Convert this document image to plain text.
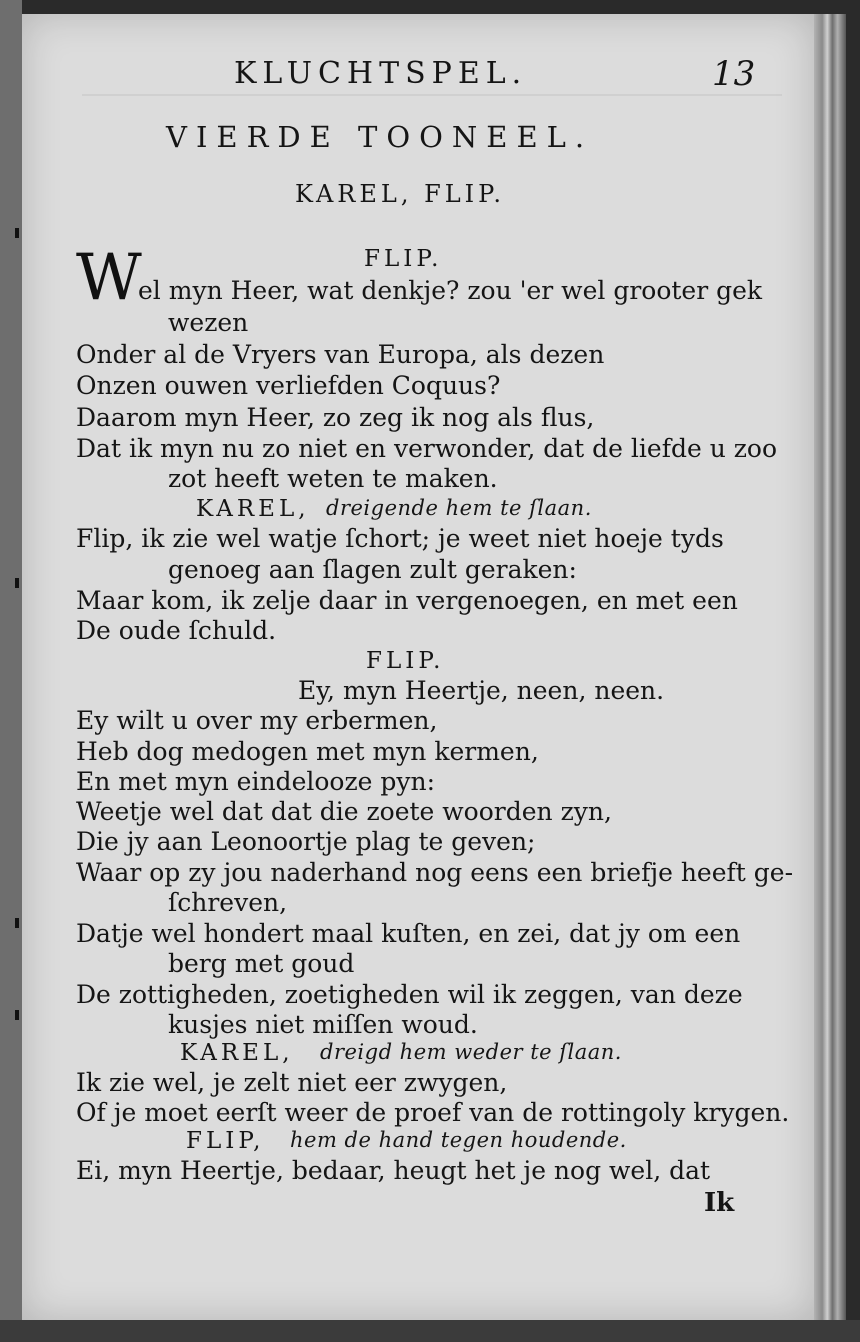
KLUCHTSPEL.	13
VIERDE TOONEEL.
KAREL, FLIP.
FLIP.
W
el myn Heer, wat denkje? zou 'er wel grooter gek
wezen
Onder al de Vryers van Europa, als dezen
Onzen ouwen verliefden Coquus?
Daarom myn Heer, zo zeg ik nog als flus,
Dat ik myn nu zo niet en verwonder, dat de liefde u zoo
zot heeft weten te maken.
KAREL, dreigende hem te ſlaan.
Flip, ik zie wel watje ſchort; je weet niet hoeje tyds
genoeg aan ſlagen zult geraken:
Maar kom, ik zelje daar in vergenoegen, en met een
De oude ſchuld.
FLIP.
Ey, myn Heertje, neen, neen.
Ey wilt u over my erbermen,
Heb dog medogen met myn kermen,
En met myn eindelooze pyn:
Weetje wel dat dat die zoete woorden zyn,
Die jy aan Leonoortje plag te geven;
Waar op zy jou naderhand nog eens een briefje heeft ge-
ſchreven,
Datje wel hondert maal kuſten, en zei, dat jy om een
berg met goud
De zottigheden, zoetigheden wil ik zeggen, van deze
kusjes niet miſſen woud.
KAREL, dreigd hem weder te ſlaan.
Ik zie wel, je zelt niet eer zwygen,
Of je moet eerſt weer de proef van de rottingoly krygen.
FLIP, hem de hand tegen houdende.
Ei, myn Heertje, bedaar, heugt het je nog wel, dat
Ik
